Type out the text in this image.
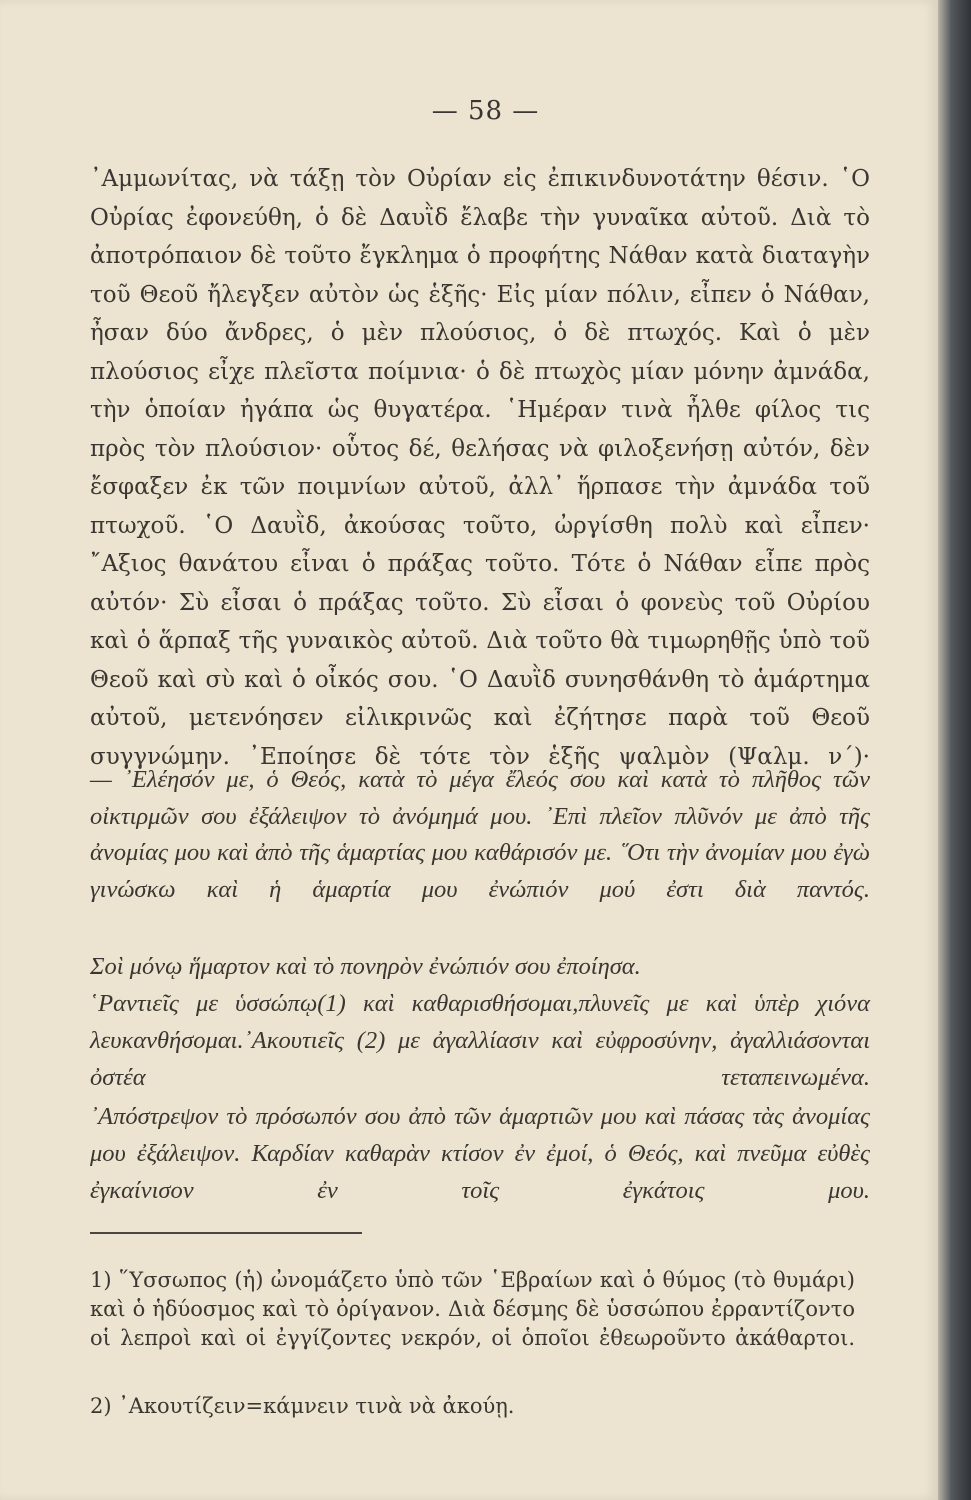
— 58 —

᾿Αμμωνίτας, νὰ τάξῃ τὸν Οὐρίαν εἰς ἐπικινδυνοτάτην θέσιν. ῾Ο Οὐρίας ἐφονεύθη, ὁ δὲ Δαυῒδ ἔλαβε τὴν γυναῖκα αὐτοῦ. Διὰ τὸ ἀποτρόπαιον δὲ τοῦτο ἔγκλημα ὁ προφήτης Νάθαν κατὰ διαταγὴν τοῦ Θεοῦ ἤλεγξεν αὐτὸν ὡς ἑξῆς· Εἰς μίαν πόλιν, εἶπεν ὁ Νάθαν, ἦσαν δύο ἄνδρες, ὁ μὲν πλούσιος, ὁ δὲ πτωχός. Καὶ ὁ μὲν πλούσιος εἶχε πλεῖστα ποίμνια· ὁ δὲ πτωχὸς μίαν μόνην ἀμνάδα, τὴν ὁποίαν ἠγάπα ὡς θυγατέρα. ῾Ημέραν τινὰ ἦλθε φίλος τις πρὸς τὸν πλούσιον· οὗτος δέ, θελήσας νὰ φιλοξενήσῃ αὐτόν, δὲν ἔσφαξεν ἐκ τῶν ποιμνίων αὐτοῦ, ἀλλ᾿ ἥρπασε τὴν ἀμνάδα τοῦ πτωχοῦ. ῾Ο Δαυῒδ, ἀκούσας τοῦτο, ὠργίσθη πολὺ καὶ εἶπεν· ῎Αξιος θανάτου εἶναι ὁ πράξας τοῦτο. Τότε ὁ Νάθαν εἶπε πρὸς αὐτόν· Σὺ εἶσαι ὁ πράξας τοῦτο. Σὺ εἶσαι ὁ φονεὺς τοῦ Οὐρίου καὶ ὁ ἅρπαξ τῆς γυναικὸς αὐτοῦ. Διὰ τοῦτο θὰ τιμωρηθῇς ὑπὸ τοῦ Θεοῦ καὶ σὺ καὶ ὁ οἶκός σου. ῾Ο Δαυῒδ συνησθάνθη τὸ ἁμάρτημα αὐτοῦ, μετενόησεν εἰλικρινῶς καὶ ἐζήτησε παρὰ τοῦ Θεοῦ συγγνώμην. ᾿Εποίησε δὲ τότε τὸν ἑξῆς ψαλμὸν (Ψαλμ. ν΄)·

— ᾿Ελέησόν με, ὁ Θεός, κατὰ τὸ μέγα ἔλεός σου καὶ κατὰ τὸ πλῆθος τῶν οἰκτιρμῶν σου ἐξάλειψον τὸ ἀνόμημά μου. ᾿Επὶ πλεῖον πλῦνόν με ἀπὸ τῆς ἀνομίας μου καὶ ἀπὸ τῆς ἁμαρτίας μου καθάρισόν με. ῞Οτι τὴν ἀνομίαν μου ἐγὼ γινώσκω καὶ ἡ ἁμαρτία μου ἐνώπιόν μού ἐστι διὰ παντός.

Σοὶ μόνῳ ἥμαρτον καὶ τὸ πονηρὸν ἐνώπιόν σου ἐποίησα.

῾Ραντιεῖς με ὑσσώπῳ(1) καὶ καθαρισθήσομαι,πλυνεῖς με καὶ ὑπὲρ χιόνα λευκανθήσομαι.᾿Ακουτιεῖς (2) με ἀγαλλίασιν καὶ εὐφροσύνην, ἀγαλλιάσονται ὀστέα τεταπεινωμένα.

᾿Απόστρεψον τὸ πρόσωπόν σου ἀπὸ τῶν ἁμαρτιῶν μου καὶ πάσας τὰς ἀνομίας μου ἐξάλειψον. Καρδίαν καθαρὰν κτίσον ἐν ἐμοί, ὁ Θεός, καὶ πνεῦμα εὐθὲς ἐγκαίνισον ἐν τοῖς ἐγκάτοις μου.

1) ῞Υσσωπος (ἡ) ὠνομάζετο ὑπὸ τῶν ῾Εβραίων καὶ ὁ θύμος (τὸ θυμάρι) καὶ ὁ ἡδύοσμος καὶ τὸ ὀρίγανον. Διὰ δέσμης δὲ ὑσσώπου ἐρραντίζοντο οἱ λεπροὶ καὶ οἱ ἐγγίζοντες νεκρόν, οἱ ὁποῖοι ἐθεωροῦντο ἀκάθαρτοι.

2) ᾿Ακουτίζειν=κάμνειν τινὰ νὰ ἀκούῃ.
